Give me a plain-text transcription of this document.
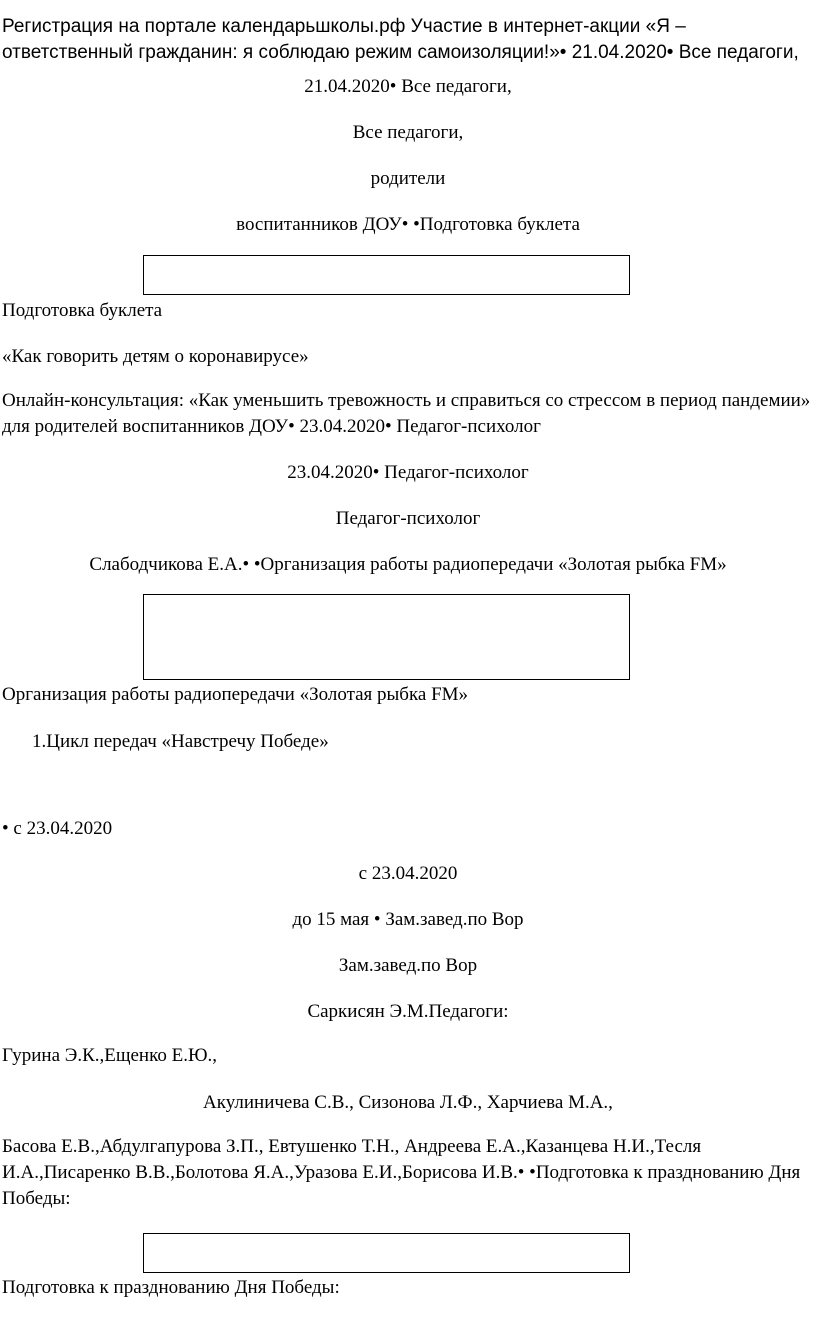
Регистрация на портале календарьшколы.рф Участие в интернет-акции «Я – ответственный гражданин: я соблюдаю режим самоизоляции!»• 21.04.2020• Все педагоги,
21.04.2020• Все педагоги,
Все педагоги,
родители
воспитанников ДОУ• •Подготовка буклета
Подготовка буклета
«Как говорить детям о коронавирусе»
Онлайн-консультация: «Как уменьшить тревожность и справиться со стрессом в период пандемии» для родителей воспитанников ДОУ• 23.04.2020• Педагог-психолог
23.04.2020• Педагог-психолог
Педагог-психолог
Слабодчикова Е.А.• •Организация работы радиопередачи «Золотая рыбка FM»
Организация работы радиопередачи «Золотая рыбка FM»
1.Цикл передач «Навстречу Победе»
• с 23.04.2020
с 23.04.2020
до 15 мая • Зам.завед.по Вор
Зам.завед.по Вор
Саркисян Э.М.Педагоги:
Гурина Э.К.,Ещенко Е.Ю.,
Акулиничева С.В., Сизонова Л.Ф., Харчиева М.А.,
Басова Е.В.,Абдулгапурова З.П., Евтушенко Т.Н., Андреева Е.А.,Казанцева Н.И.,Тесля И.А.,Писаренко В.В.,Болотова Я.А.,Уразова Е.И.,Борисова И.В.• •Подготовка к празднованию Дня Победы:
Подготовка к празднованию Дня Победы:
